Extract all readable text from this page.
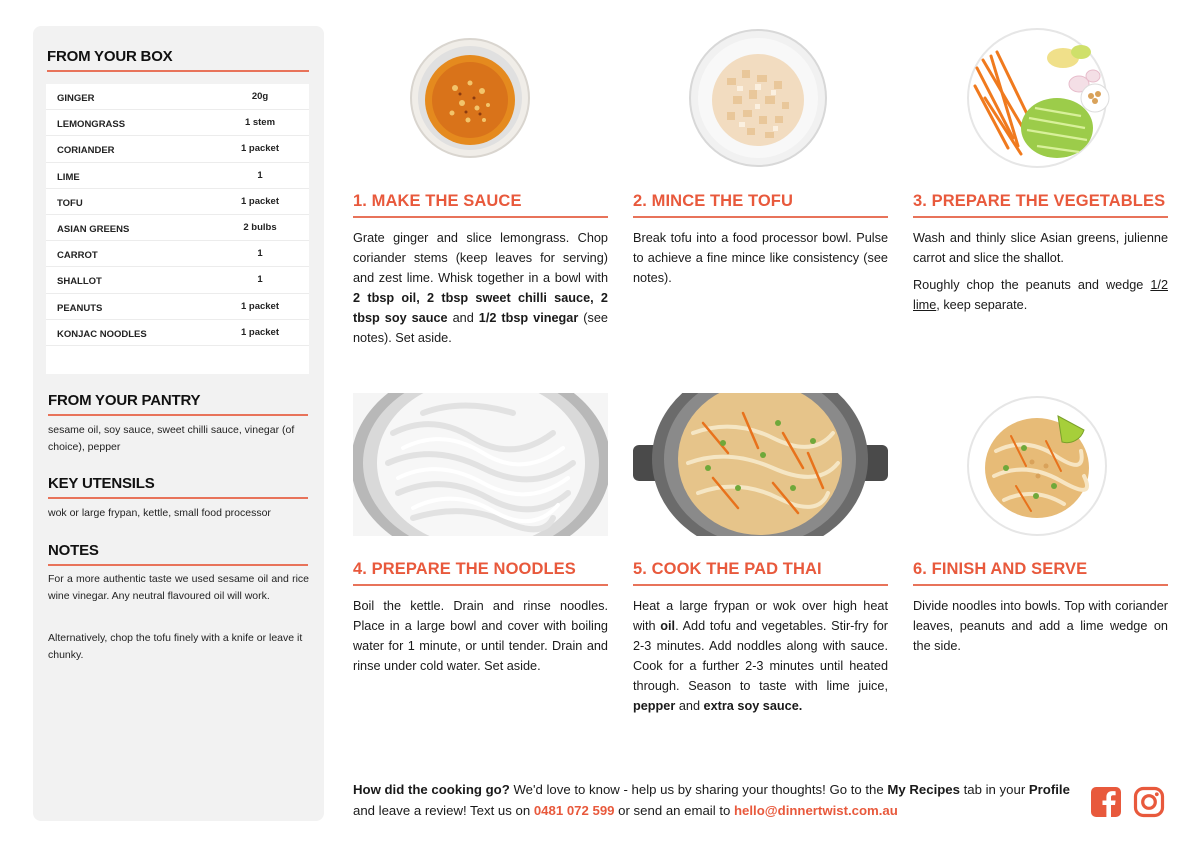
FROM YOUR BOX
GINGER	20g
LEMONGRASS	1 stem
CORIANDER	1 packet
LIME	1
TOFU	1 packet
ASIAN GREENS	2 bulbs
CARROT	1
SHALLOT	1
PEANUTS	1 packet
KONJAC NOODLES	1 packet
FROM YOUR PANTRY
sesame oil, soy sauce, sweet chilli sauce, vinegar (of choice), pepper
KEY UTENSILS
wok or large frypan, kettle, small food processor
NOTES
For a more authentic taste we used sesame oil and rice wine vinegar. Any neutral flavoured oil will work.
Alternatively, chop the tofu finely with a knife or leave it chunky.
1. MAKE THE SAUCE

Grate ginger and slice lemongrass. Chop coriander stems (keep leaves for serving) and zest lime. Whisk together in a bowl with 2 tbsp oil, 2 tbsp sweet chilli sauce, 2 tbsp soy sauce and 1/2 tbsp vinegar (see notes). Set aside.

2. MINCE THE TOFU

Break tofu into a food processor bowl. Pulse to achieve a fine mince like consistency (see notes).

3. PREPARE THE VEGETABLES

Wash and thinly slice Asian greens, julienne carrot and slice the shallot.

Roughly chop the peanuts and wedge 1/2 lime, keep separate.

4. PREPARE THE NOODLES

Boil the kettle. Drain and rinse noodles. Place in a large bowl and cover with boiling water for 1 minute, or until tender. Drain and rinse under cold water. Set aside.

5. COOK THE PAD THAI

Heat a large frypan or wok over high heat with oil. Add tofu and vegetables. Stir-fry for 2-3 minutes. Add noddles along with sauce. Cook for a further 2-3 minutes until heated through. Season to taste with lime juice, pepper and extra soy sauce.

6. FINISH AND SERVE

Divide noodles into bowls. Top with coriander leaves, peanuts and add a lime wedge on the side.

How did the cooking go? We'd love to know - help us by sharing your thoughts! Go to the My Recipes tab in your Profile and leave a review! Text us on 0481 072 599 or send an email to hello@dinnertwist.com.au
